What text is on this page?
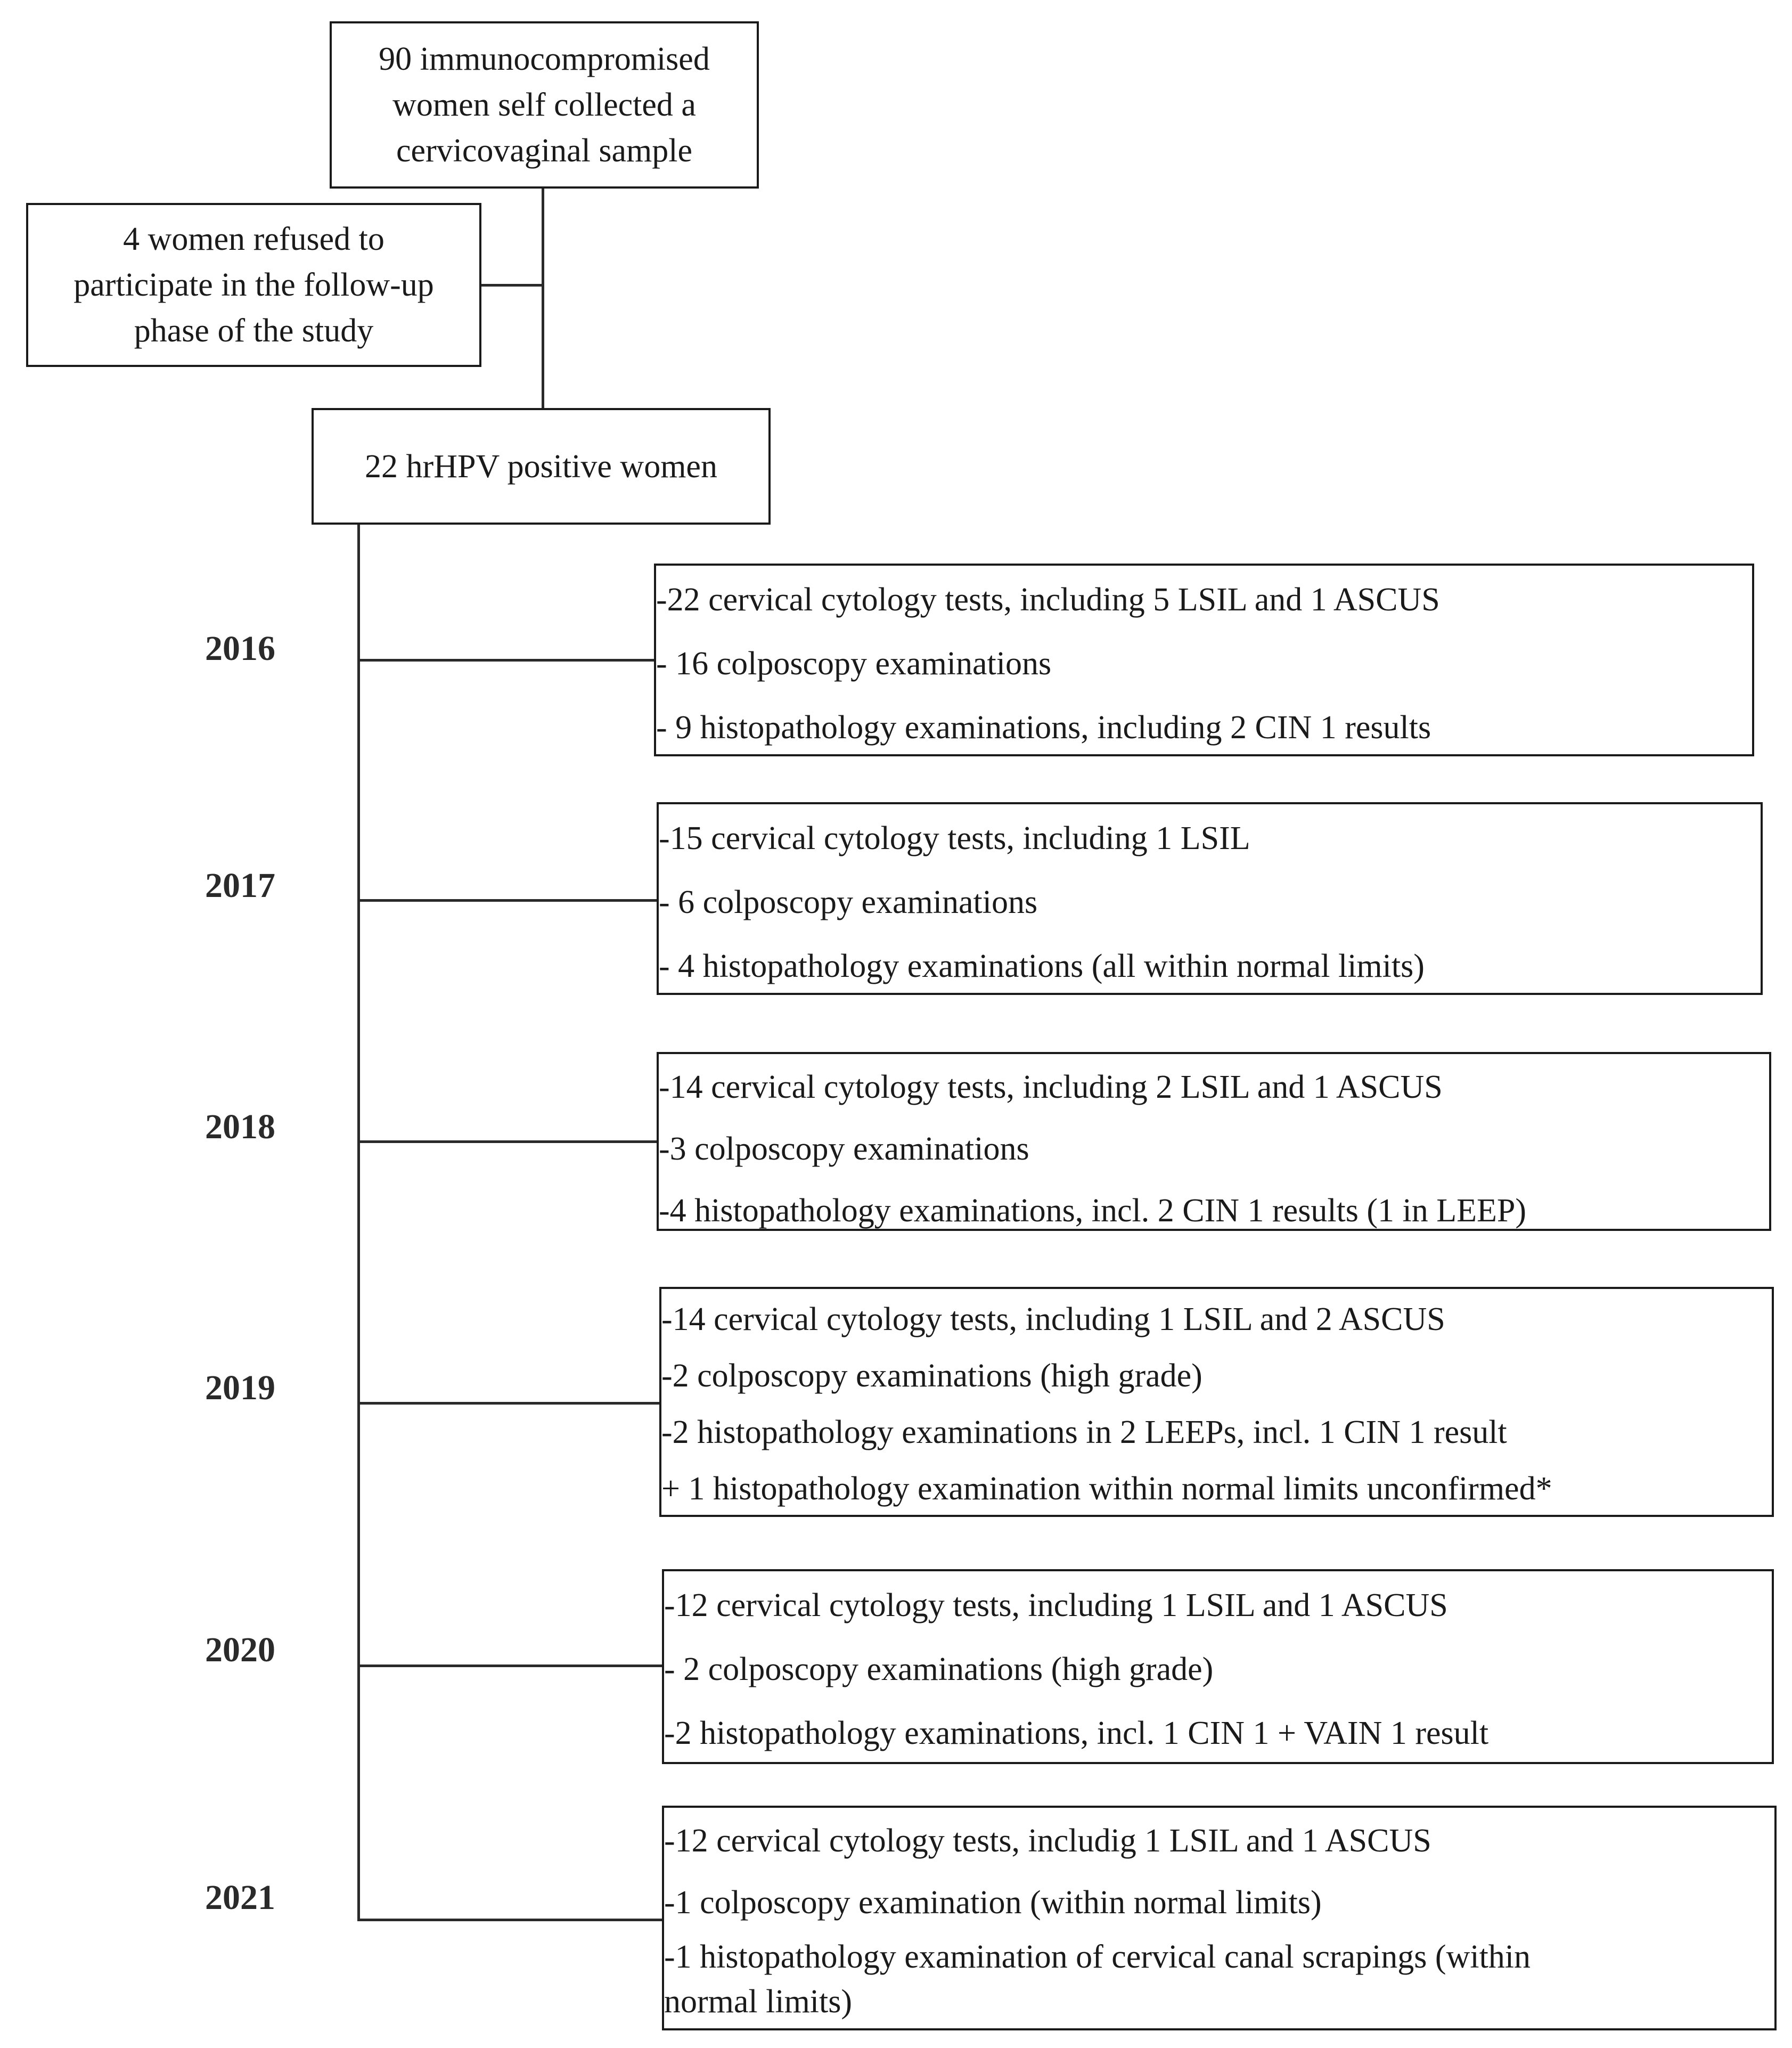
90 immunocompromised
women self collected a
cervicovaginal sample
4 women refused to
participate in the follow-up
phase of the study
22 hrHPV positive women
2016
2017
2018
2019
2020
2021
-22 cervical cytology tests, including 5 LSIL and 1 ASCUS
- 16 colposcopy examinations
- 9 histopathology examinations, including 2 CIN 1 results
-15 cervical cytology tests, including 1 LSIL
- 6 colposcopy examinations
- 4 histopathology examinations (all within normal limits)
-14 cervical cytology tests, including 2 LSIL and 1 ASCUS
-3 colposcopy examinations
-4 histopathology examinations, incl. 2 CIN 1 results (1 in LEEP)
-14 cervical cytology tests, including 1 LSIL and 2 ASCUS
-2 colposcopy examinations (high grade)
-2 histopathology examinations in 2 LEEPs, incl. 1 CIN 1 result
+ 1 histopathology examination within normal limits unconfirmed*
-12 cervical cytology tests, including 1 LSIL and 1 ASCUS
- 2 colposcopy examinations (high grade)
-2 histopathology examinations, incl. 1 CIN 1 + VAIN 1 result
-12 cervical cytology tests, includig 1 LSIL and 1 ASCUS
-1 colposcopy examination (within normal limits)
-1 histopathology examination of cervical canal scrapings (within
normal limits)
